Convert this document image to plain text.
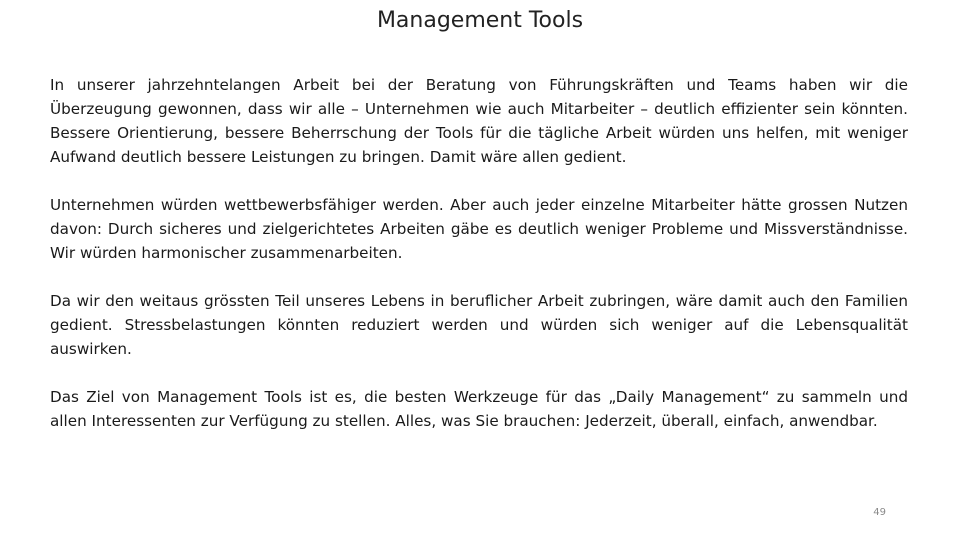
Management Tools

In unserer jahrzehntelangen Arbeit bei der Beratung von Führungskräften und Teams haben wir die Überzeugung gewonnen, dass wir alle – Unternehmen wie auch Mitarbeiter – deutlich effizienter sein könnten. Bessere Orientierung, bessere Beherrschung der Tools für die tägliche Arbeit würden uns helfen, mit weniger Aufwand deutlich bessere Leistungen zu bringen. Damit wäre allen gedient.

Unternehmen würden wettbewerbsfähiger werden. Aber auch jeder einzelne Mitarbeiter hätte grossen Nutzen davon: Durch sicheres und zielgerichtetes Arbeiten gäbe es deutlich weniger Probleme und Missverständnisse. Wir würden harmonischer zusammenarbeiten.

Da wir den weitaus grössten Teil unseres Lebens in beruflicher Arbeit zubringen, wäre damit auch den Familien gedient. Stressbelastungen könnten reduziert werden und würden sich weniger auf die Lebensqualität auswirken.

Das Ziel von Management Tools ist es, die besten Werkzeuge für das „Daily Management“ zu sammeln und allen Interessenten zur Verfügung zu stellen. Alles, was Sie brauchen: Jederzeit, überall, einfach, anwendbar.

49
